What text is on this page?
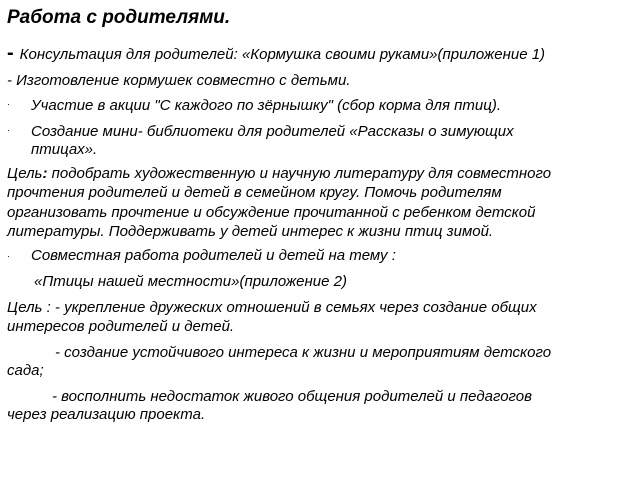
Работа с родителями.
- Консультация для родителей: «Кормушка своими руками»(приложение 1)
- Изготовление кормушек совместно с детьми.
· Участие в акции "С каждого по зёрнышку" (сбор корма для птиц).
· Создание мини- библиотеки для родителей «Рассказы о зимующих
птицах».
Цель: подобрать художественную и научную литературу для совместного
прочтения родителей и детей в семейном кругу. Помочь родителям
организовать прочтение и обсуждение прочитанной с ребенком детской
литературы. Поддерживать у детей интерес к жизни птиц зимой.
· Совместная работа родителей и детей на тему :
«Птицы нашей местности»(приложение 2)
Цель : - укрепление дружеских отношений в семьях через создание общих
интересов родителей и детей.
- создание устойчивого интереса к жизни и мероприятиям детского
сада;
- восполнить недостаток живого общения родителей и педагогов
через реализацию проекта.
